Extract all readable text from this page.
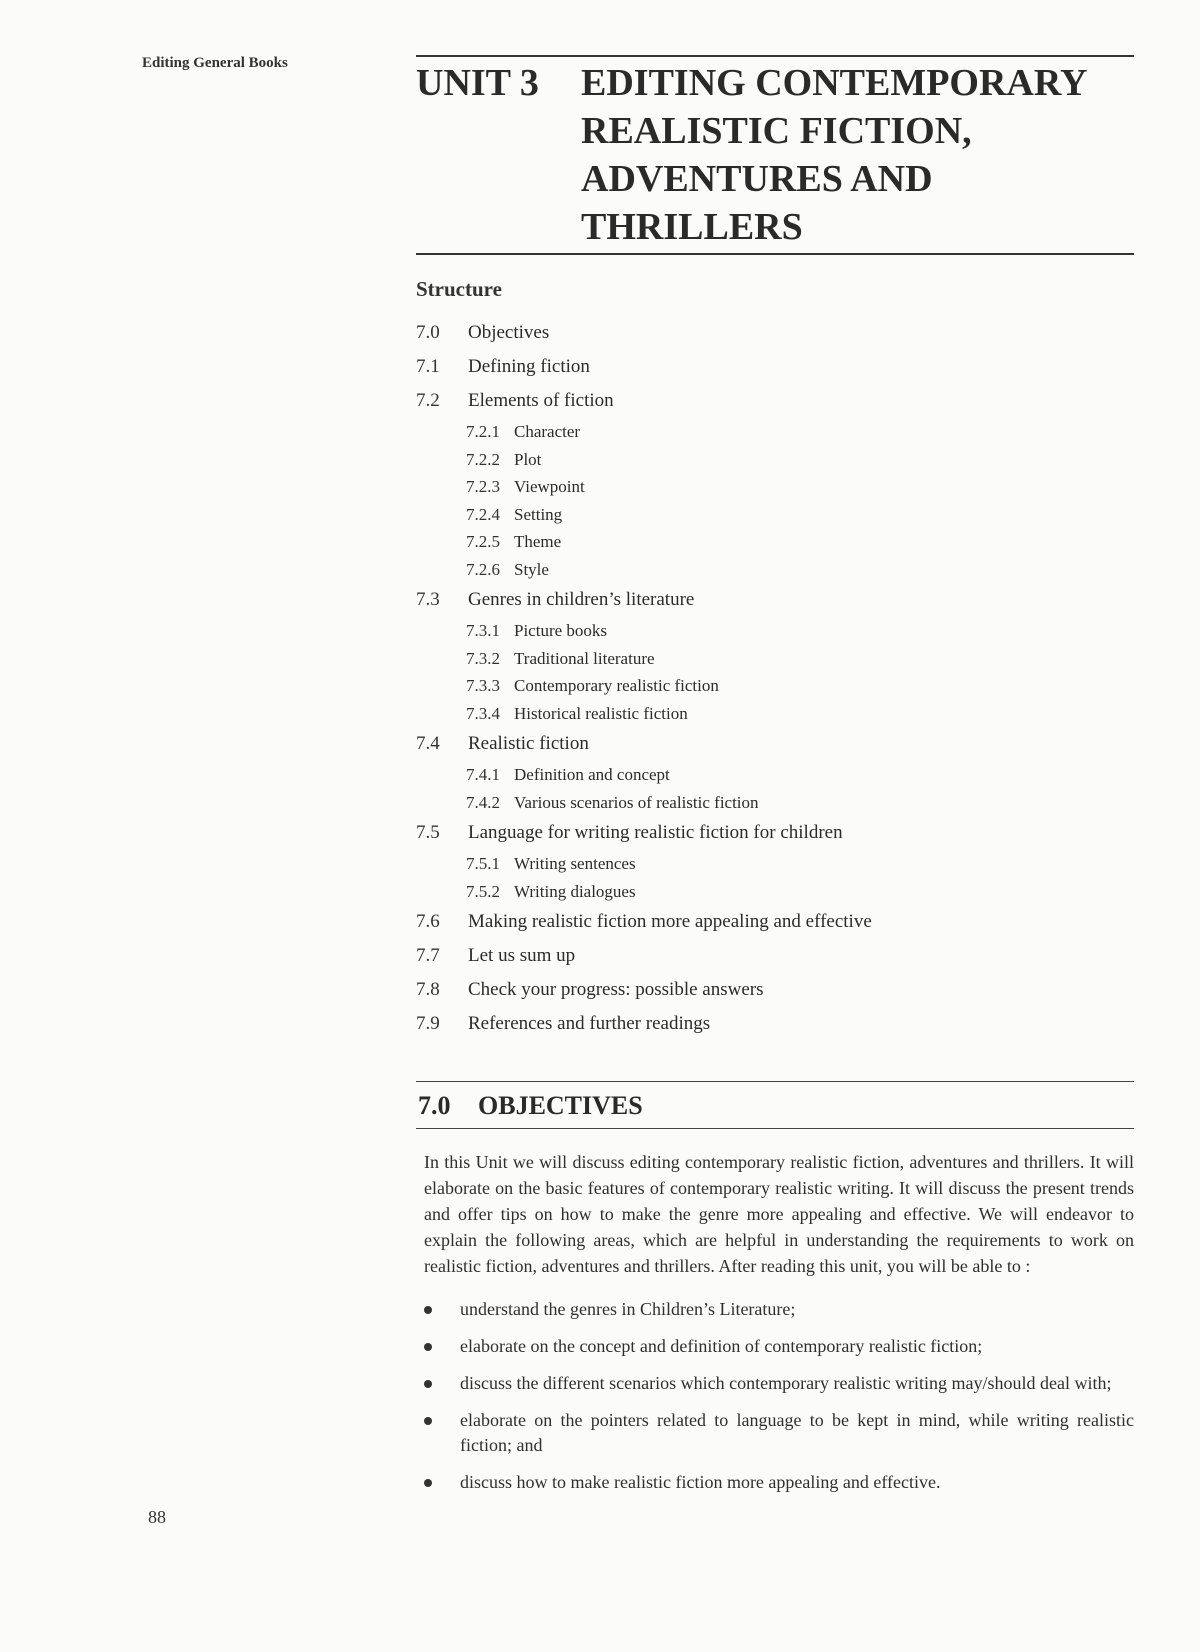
Editing General Books	UNIT 3	EDITING CONTEMPORARY
REALISTIC FICTION,
ADVENTURES AND
THRILLERS
Structure
7.0	Objectives
7.1	Defining fiction
7.2	Elements of fiction
7.2.1 Character
7.2.2 Plot
7.2.3 Viewpoint
7.2.4 Setting
7.2.5 Theme
7.2.6 Style
7.3	Genres in children’s literature
7.3.1 Picture books
7.3.2 Traditional literature
7.3.3 Contemporary realistic fiction
7.3.4 Historical realistic fiction
7.4	Realistic fiction
7.4.1 Definition and concept
7.4.2 Various scenarios of realistic fiction
7.5	Language for writing realistic fiction for children
7.5.1 Writing sentences
7.5.2 Writing dialogues
7.6	Making realistic fiction more appealing and effective
7.7	Let us sum up
7.8	Check your progress: possible answers
7.9	References and further readings
7.0	OBJECTIVES
In this Unit we will discuss editing contemporary realistic fiction, adventures and thrillers. It will elaborate on the basic features of contemporary realistic writing. It will discuss the present trends and offer tips on how to make the genre more appealing and effective. We will endeavor to explain the following areas, which are helpful in understanding the requirements to work on realistic fiction, adventures and thrillers. After reading this unit, you will be able to :
understand the genres in Children’s Literature;
elaborate on the concept and definition of contemporary realistic fiction;
discuss the different scenarios which contemporary realistic writing may/should deal with;
elaborate on the pointers related to language to be kept in mind, while writing realistic fiction; and
discuss how to make realistic fiction more appealing and effective.
88
